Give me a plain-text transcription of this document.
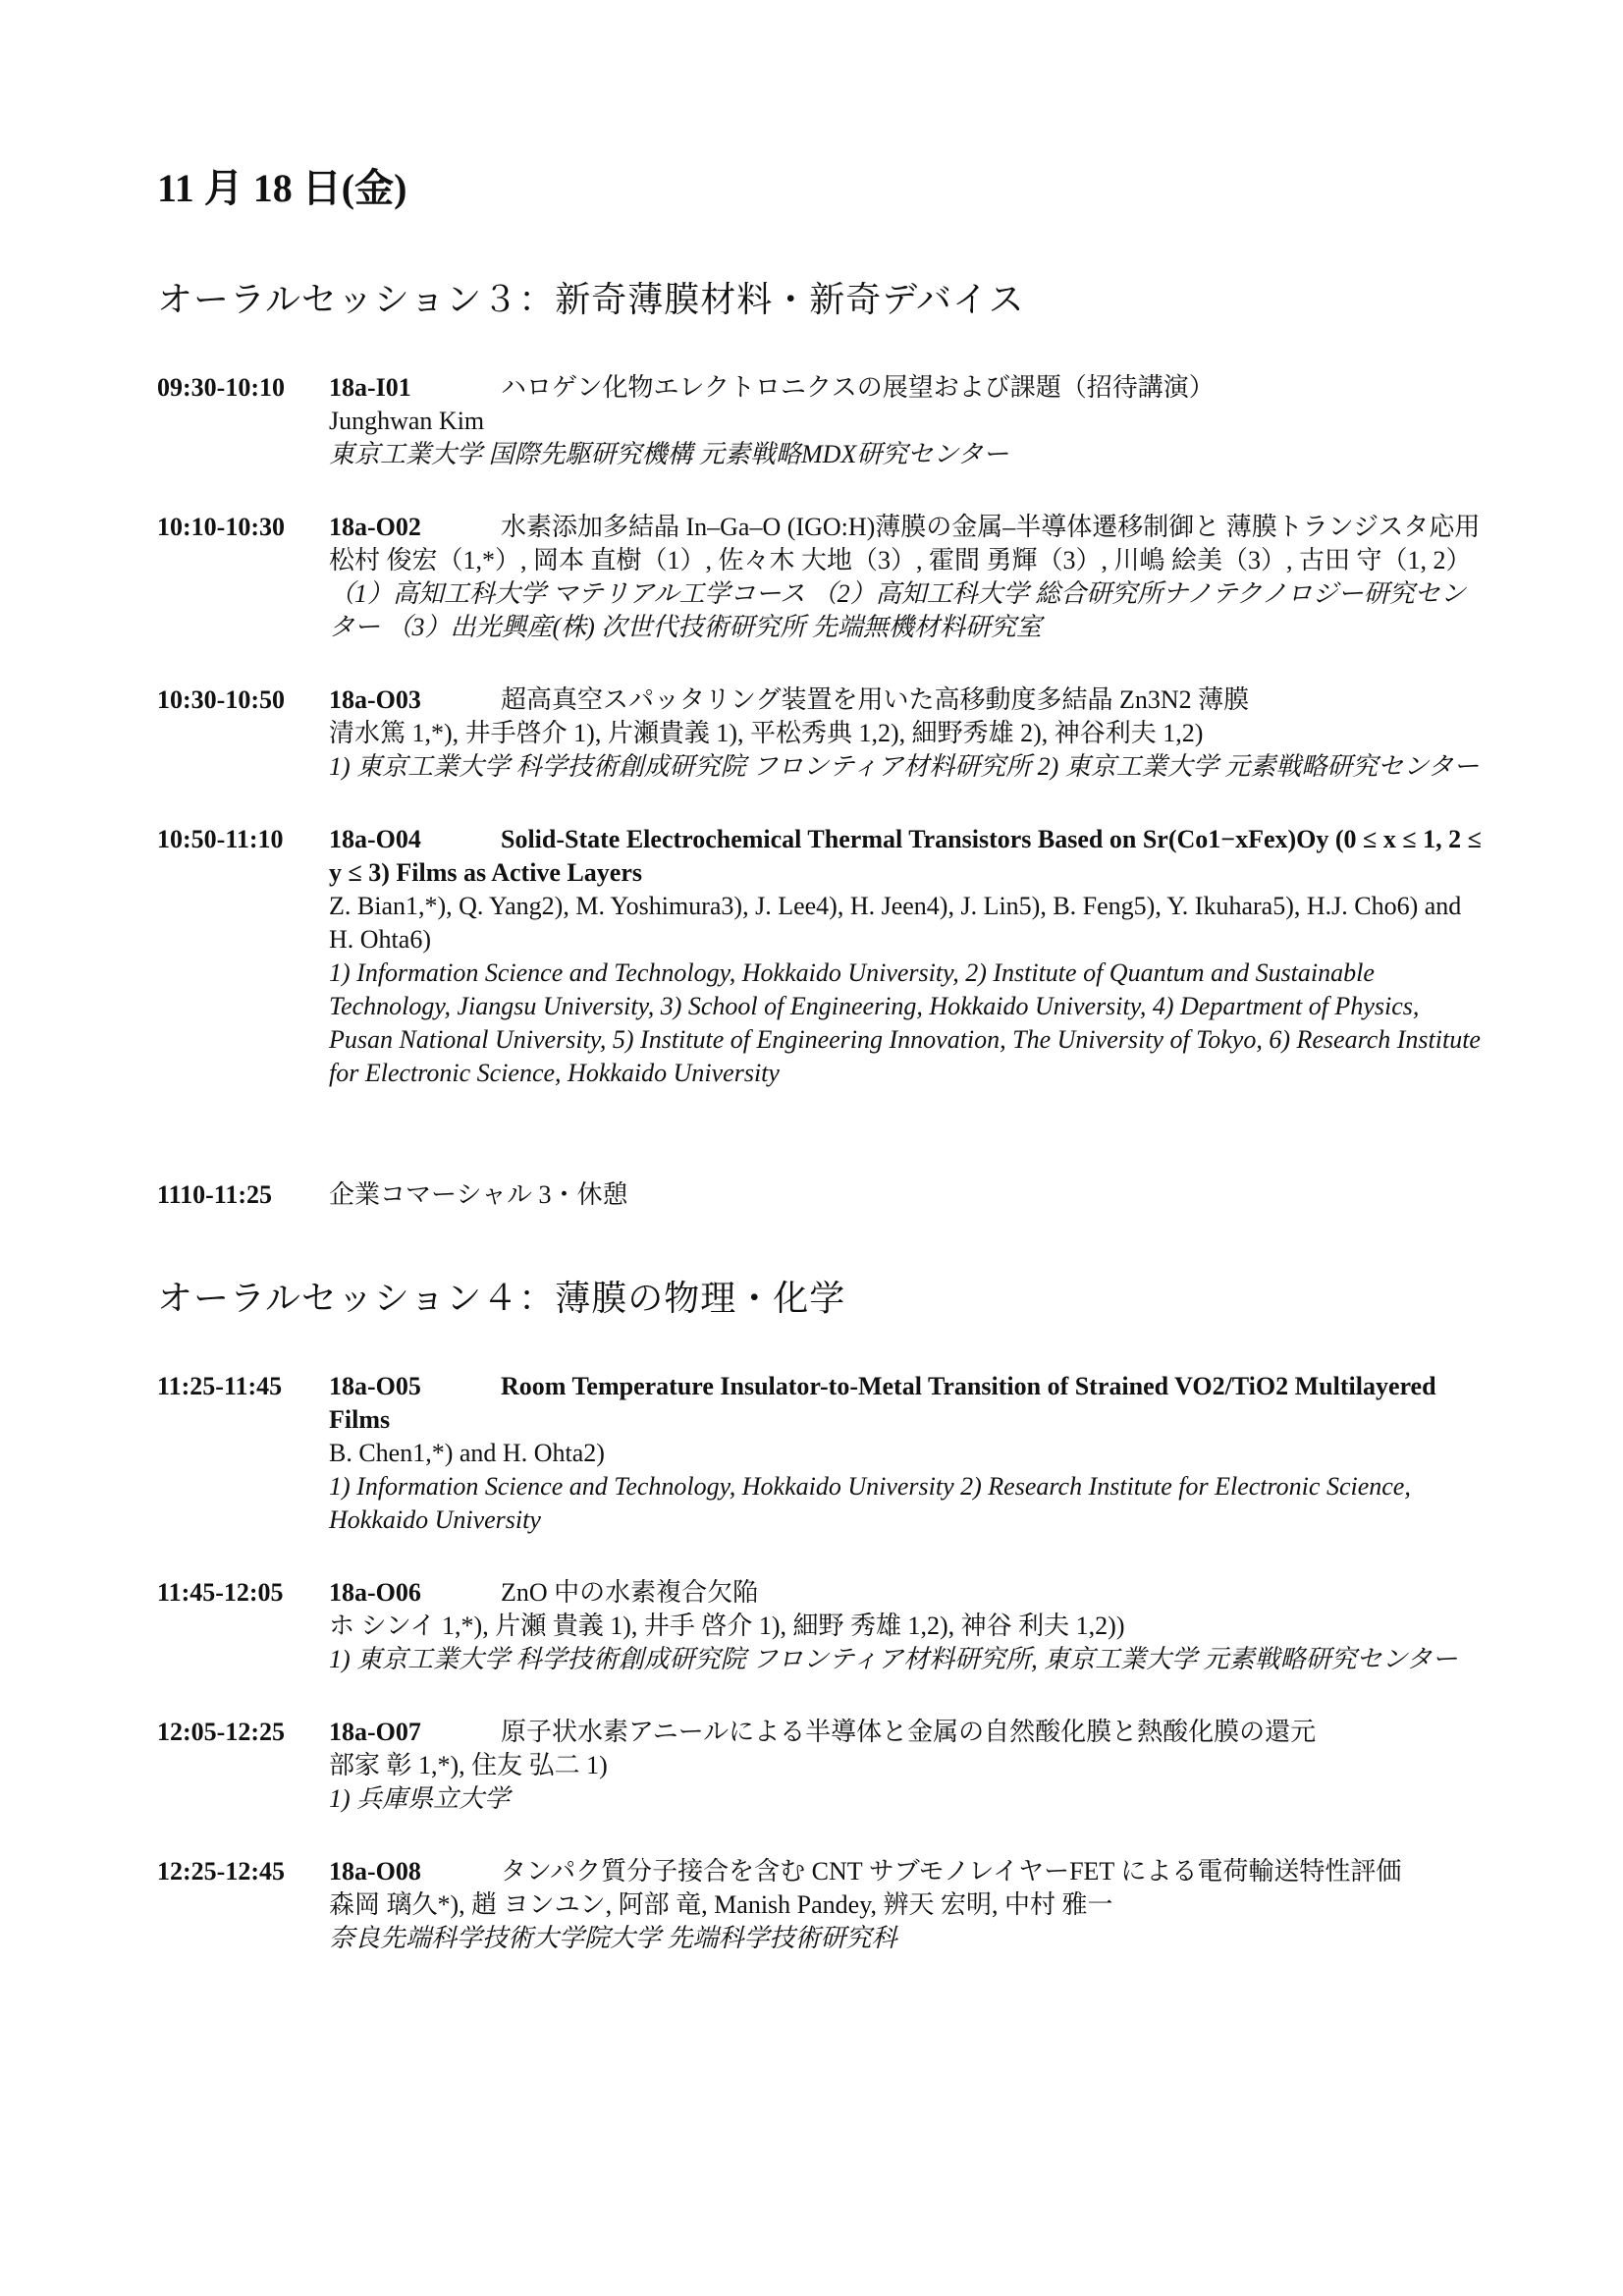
11 月 18 日(金)
オーラルセッション３：新奇薄膜材料・新奇デバイス
09:30-10:10	18a-I01	ハロゲン化物エレクトロニクスの展望および課題（招待講演）
Junghwan Kim
東京工業大学 国際先駆研究機構 元素戦略MDX研究センター
10:10-10:30	18a-O02	水素添加多結晶 In–Ga–O (IGO:H)薄膜の金属–半導体遷移制御と 薄膜トランジスタ応用
松村 俊宏（1,*）, 岡本 直樹（1）, 佐々木 大地（3）, 霍間 勇輝（3）, 川嶋 絵美（3）, 古田 守（1, 2）
（1）高知工科大学 マテリアル工学コース （2）高知工科大学 総合研究所ナノテクノロジー研究センター （3）出光興産(株) 次世代技術研究所 先端無機材料研究室
10:30-10:50	18a-O03	超高真空スパッタリング装置を用いた高移動度多結晶 Zn3N2 薄膜
清水篤 1,*), 井手啓介 1), 片瀬貴義 1), 平松秀典 1,2), 細野秀雄 2), 神谷利夫 1,2)
1) 東京工業大学 科学技術創成研究院 フロンティア材料研究所 2) 東京工業大学 元素戦略研究センター
10:50-11:10	18a-O04	Solid-State Electrochemical Thermal Transistors Based on Sr(Co1−xFex)Oy (0 ≤ x ≤ 1, 2 ≤ y ≤ 3) Films as Active Layers
Z. Bian1,*), Q. Yang2), M. Yoshimura3), J. Lee4), H. Jeen4), J. Lin5), B. Feng5), Y. Ikuhara5), H.J. Cho6) and H. Ohta6)
1) Information Science and Technology, Hokkaido University, 2) Institute of Quantum and Sustainable Technology, Jiangsu University, 3) School of Engineering, Hokkaido University, 4) Department of Physics, Pusan National University, 5) Institute of Engineering Innovation, The University of Tokyo, 6) Research Institute for Electronic Science, Hokkaido University
1110-11:25	企業コマーシャル 3・休憩
オーラルセッション４：薄膜の物理・化学
11:25-11:45	18a-O05	Room Temperature Insulator-to-Metal Transition of Strained VO2/TiO2 Multilayered Films
B. Chen1,*) and H. Ohta2)
1) Information Science and Technology, Hokkaido University 2) Research Institute for Electronic Science, Hokkaido University
11:45-12:05	18a-O06	ZnO 中の水素複合欠陥
ホ シンイ 1,*), 片瀬 貴義 1), 井手 啓介 1), 細野 秀雄 1,2), 神谷 利夫 1,2))
1) 東京工業大学 科学技術創成研究院 フロンティア材料研究所, 東京工業大学 元素戦略研究センター
12:05-12:25	18a-O07	原子状水素アニールによる半導体と金属の自然酸化膜と熱酸化膜の還元
部家 彰 1,*), 住友 弘二 1)
1) 兵庫県立大学
12:25-12:45	18a-O08	タンパク質分子接合を含む CNT サブモノレイヤーFET による電荷輸送特性評価
森岡 璃久*), 趙 ヨンユン, 阿部 竜, Manish Pandey, 辨天 宏明, 中村 雅一
奈良先端科学技術大学院大学 先端科学技術研究科
